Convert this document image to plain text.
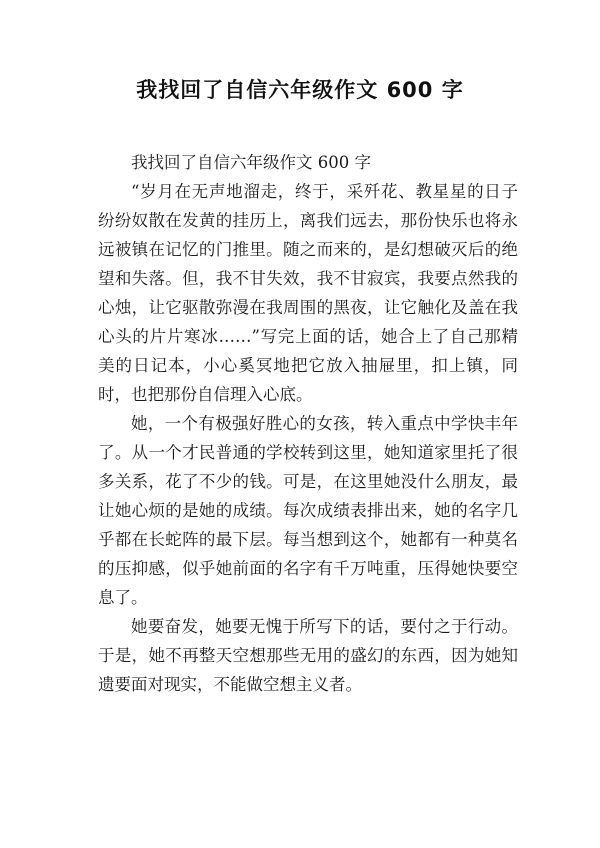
我找回了自信六年级作文 600 字

我找回了自信六年级作文 600 字

“岁月在无声地溜走，终于，采歼花、教星星的日子纷纷奴散在发黄的挂历上，离我们远去，那份快乐也将永远被镇在记忆的门推里。随之而来的，是幻想破灭后的绝望和失落。但，我不甘失效，我不甘寂宾，我要点然我的心烛，让它驱散弥漫在我周围的黑夜，让它触化及盖在我心头的片片寒冰……”写完上面的话，她合上了自己那精美的日记本，小心奚冥地把它放入抽屉里，扣上镇，同时，也把那份自信理入心底。

她，一个有极强好胜心的女孩，转入重点中学快丰年了。从一个才民普通的学校转到这里，她知道家里托了很多关系，花了不少的钱。可是，在这里她没什么朋友，最让她心烦的是她的成绩。每次成绩表排出来，她的名字几乎都在长蛇阵的最下层。每当想到这个，她都有一种莫名的压抑感，似乎她前面的名字有千万吨重，压得她快要空息了。

她要奋发，她要无愧于所写下的话，要付之于行动。于是，她不再整天空想那些无用的盛幻的东西，因为她知遗要面对现实，不能做空想主义者。
